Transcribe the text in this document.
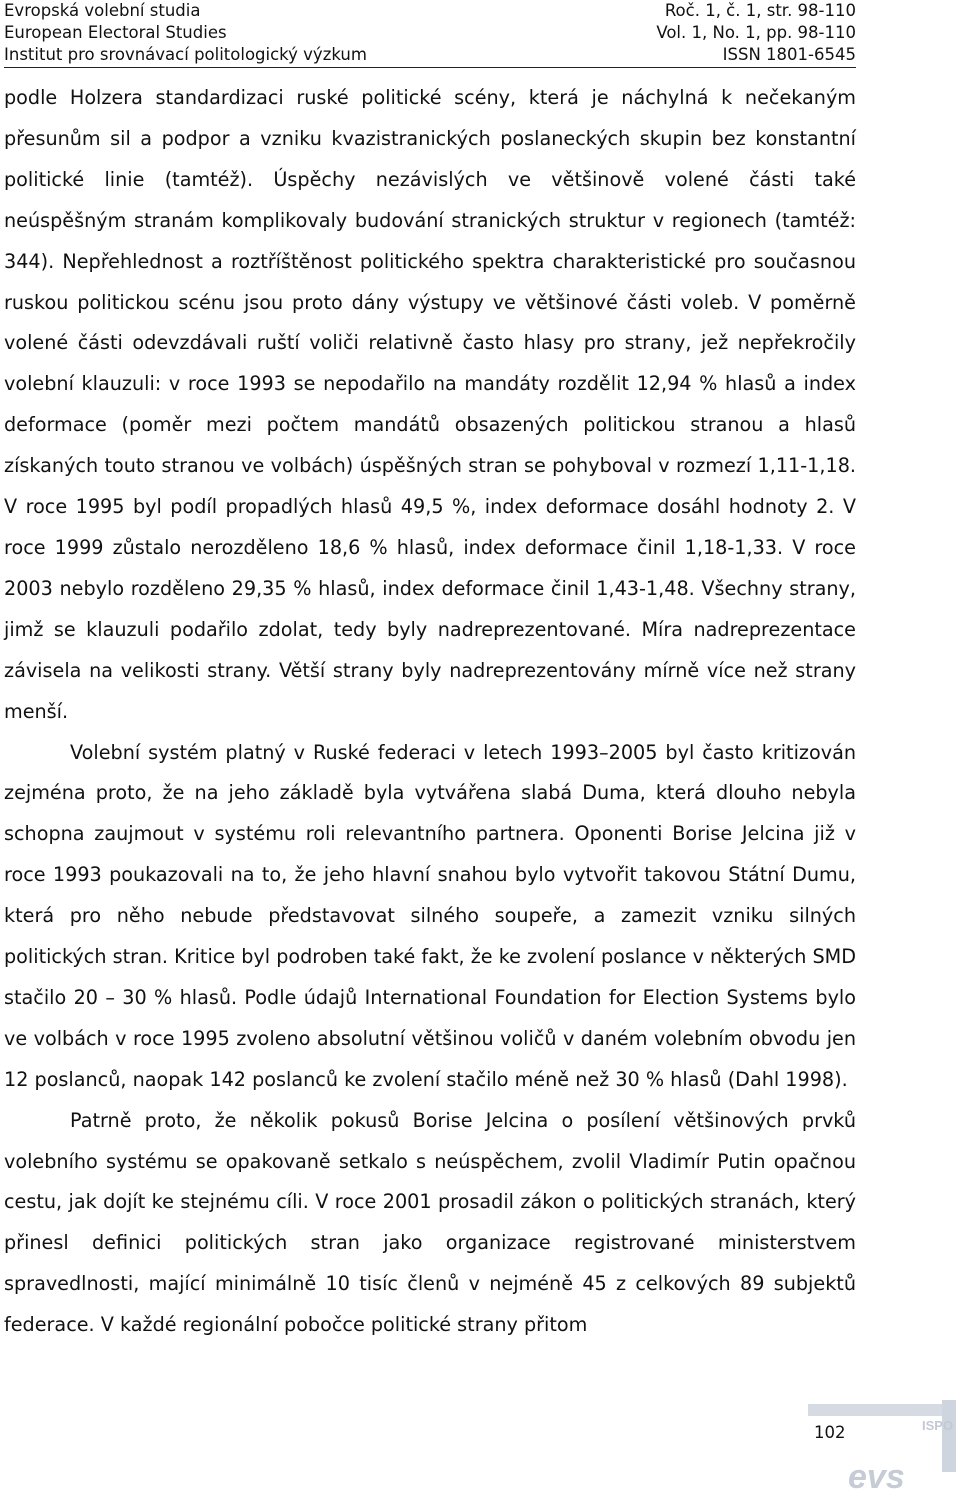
Evropská volební studia	Roč. 1, č. 1, str. 98-110
European Electoral Studies	Vol. 1, No. 1, pp. 98-110
Institut pro srovnávací politologický výzkum	ISSN 1801-6545

podle Holzera standardizaci ruské politické scény, která je náchylná k nečekaným přesunům sil a podpor a vzniku kvazistranických poslaneckých skupin bez konstantní politické linie (tamtéž). Úspěchy nezávislých ve většinově volené části také neúspěšným stranám komplikovaly budování stranických struktur v regionech (tamtéž: 344). Nepřehlednost a roztříštěnost politického spektra charakteristické pro současnou ruskou politickou scénu jsou proto dány výstupy ve většinové části voleb. V poměrně volené části odevzdávali ruští voliči relativně často hlasy pro strany, jež nepřekročily volební klauzuli: v roce 1993 se nepodařilo na mandáty rozdělit 12,94 % hlasů a index deformace (poměr mezi počtem mandátů obsazených politickou stranou a hlasů získaných touto stranou ve volbách) úspěšných stran se pohyboval v rozmezí 1,11-1,18. V roce 1995 byl podíl propadlých hlasů 49,5 %, index deformace dosáhl hodnoty 2. V roce 1999 zůstalo nerozděleno 18,6 % hlasů, index deformace činil 1,18-1,33. V roce 2003 nebylo rozděleno 29,35 % hlasů, index deformace činil 1,43-1,48. Všechny strany, jimž se klauzuli podařilo zdolat, tedy byly nadreprezentované. Míra nadreprezentace závisela na velikosti strany. Větší strany byly nadreprezentovány mírně více než strany menší.

Volební systém platný v Ruské federaci v letech 1993–2005 byl často kritizován zejména proto, že na jeho základě byla vytvářena slabá Duma, která dlouho nebyla schopna zaujmout v systému roli relevantního partnera. Oponenti Borise Jelcina již v roce 1993 poukazovali na to, že jeho hlavní snahou bylo vytvořit takovou Státní Dumu, která pro něho nebude představovat silného soupeře, a zamezit vzniku silných politických stran. Kritice byl podroben také fakt, že ke zvolení poslance v některých SMD stačilo 20 – 30 % hlasů. Podle údajů International Foundation for Election Systems bylo ve volbách v roce 1995 zvoleno absolutní většinou voličů v daném volebním obvodu jen 12 poslanců, naopak 142 poslanců ke zvolení stačilo méně než 30 % hlasů (Dahl 1998).

Patrně proto, že několik pokusů Borise Jelcina o posílení většinových prvků volebního systému se opakovaně setkalo s neúspěchem, zvolil Vladimír Putin opačnou cestu, jak dojít ke stejnému cíli. V roce 2001 prosadil zákon o politických stranách, který přinesl definici politických stran jako organizace registrované ministerstvem spravedlnosti, mající minimálně 10 tisíc členů v nejméně 45 z celkových 89 subjektů federace. V každé regionální pobočce politické strany přitom

102	ISPO
evs
